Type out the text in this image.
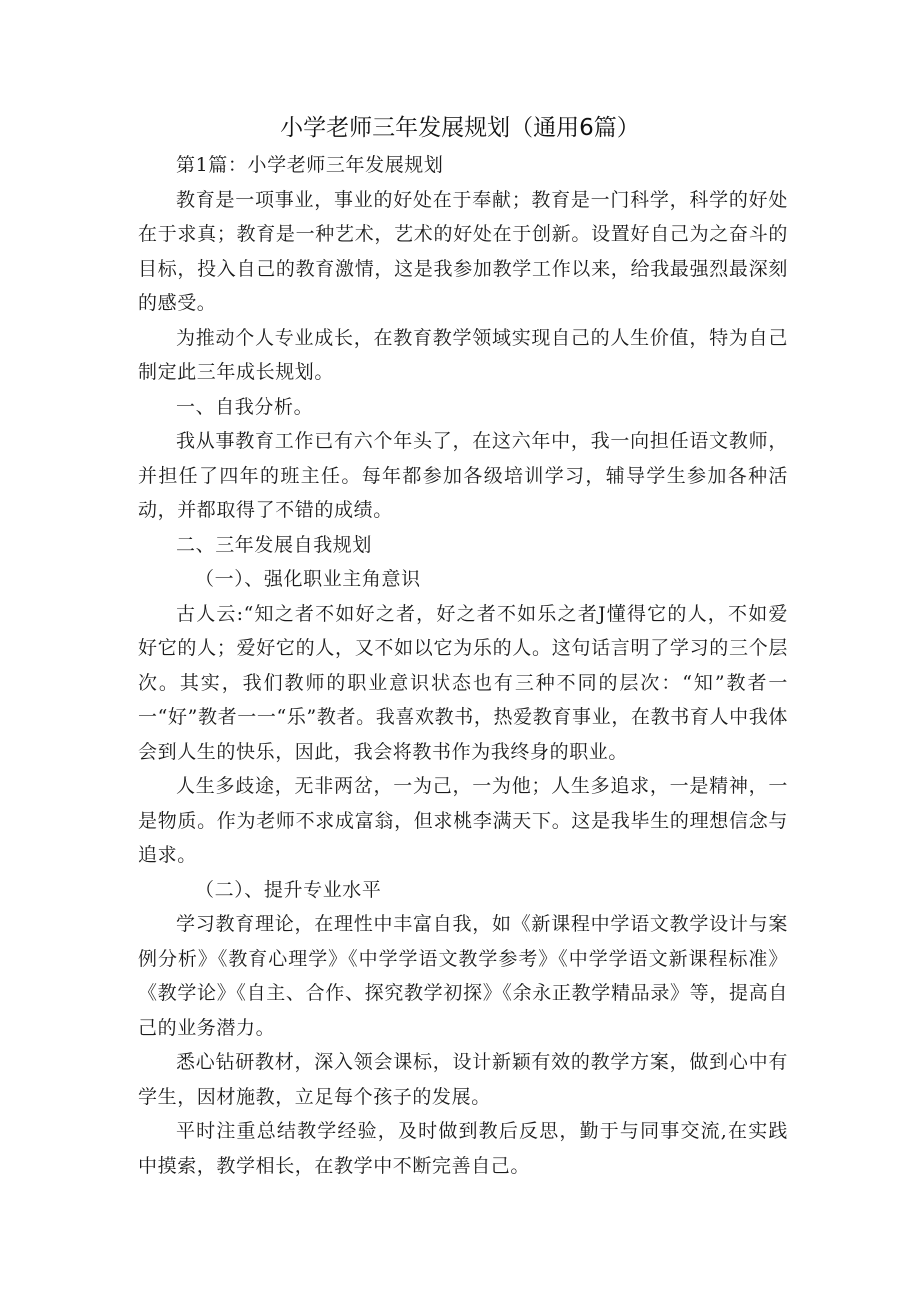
小学老师三年发展规划（通用6篇）

第1篇：小学老师三年发展规划

教育是一项事业，事业的好处在于奉献；教育是一门科学，科学的好处在于求真；教育是一种艺术，艺术的好处在于创新。设置好自己为之奋斗的目标，投入自己的教育激情，这是我参加教学工作以来，给我最强烈最深刻的感受。

为推动个人专业成长，在教育教学领域实现自己的人生价值，特为自己制定此三年成长规划。

一、自我分析。

我从事教育工作已有六个年头了，在这六年中，我一向担任语文教师，并担任了四年的班主任。每年都参加各级培训学习，辅导学生参加各种活动，并都取得了不错的成绩。

二、三年发展自我规划

（一）、强化职业主角意识

古人云:“知之者不如好之者，好之者不如乐之者J懂得它的人，不如爱好它的人；爱好它的人，又不如以它为乐的人。这句话言明了学习的三个层次。其实，我们教师的职业意识状态也有三种不同的层次：“知”教者一一“好”教者一一“乐”教者。我喜欢教书，热爱教育事业，在教书育人中我体会到人生的快乐，因此，我会将教书作为我终身的职业。

人生多歧途，无非两岔，一为己，一为他；人生多追求，一是精神，一是物质。作为老师不求成富翁，但求桃李满天下。这是我毕生的理想信念与追求。

（二）、提升专业水平

学习教育理论，在理性中丰富自我，如《新课程中学语文教学设计与案例分析》《教育心理学》《中学学语文教学参考》《中学学语文新课程标准》《教学论》《自主、合作、探究教学初探》《余永正教学精品录》等，提高自己的业务潜力。

悉心钻研教材，深入领会课标，设计新颖有效的教学方案，做到心中有学生，因材施教，立足每个孩子的发展。

平时注重总结教学经验，及时做到教后反思，勤于与同事交流,在实践中摸索，教学相长，在教学中不断完善自己。
